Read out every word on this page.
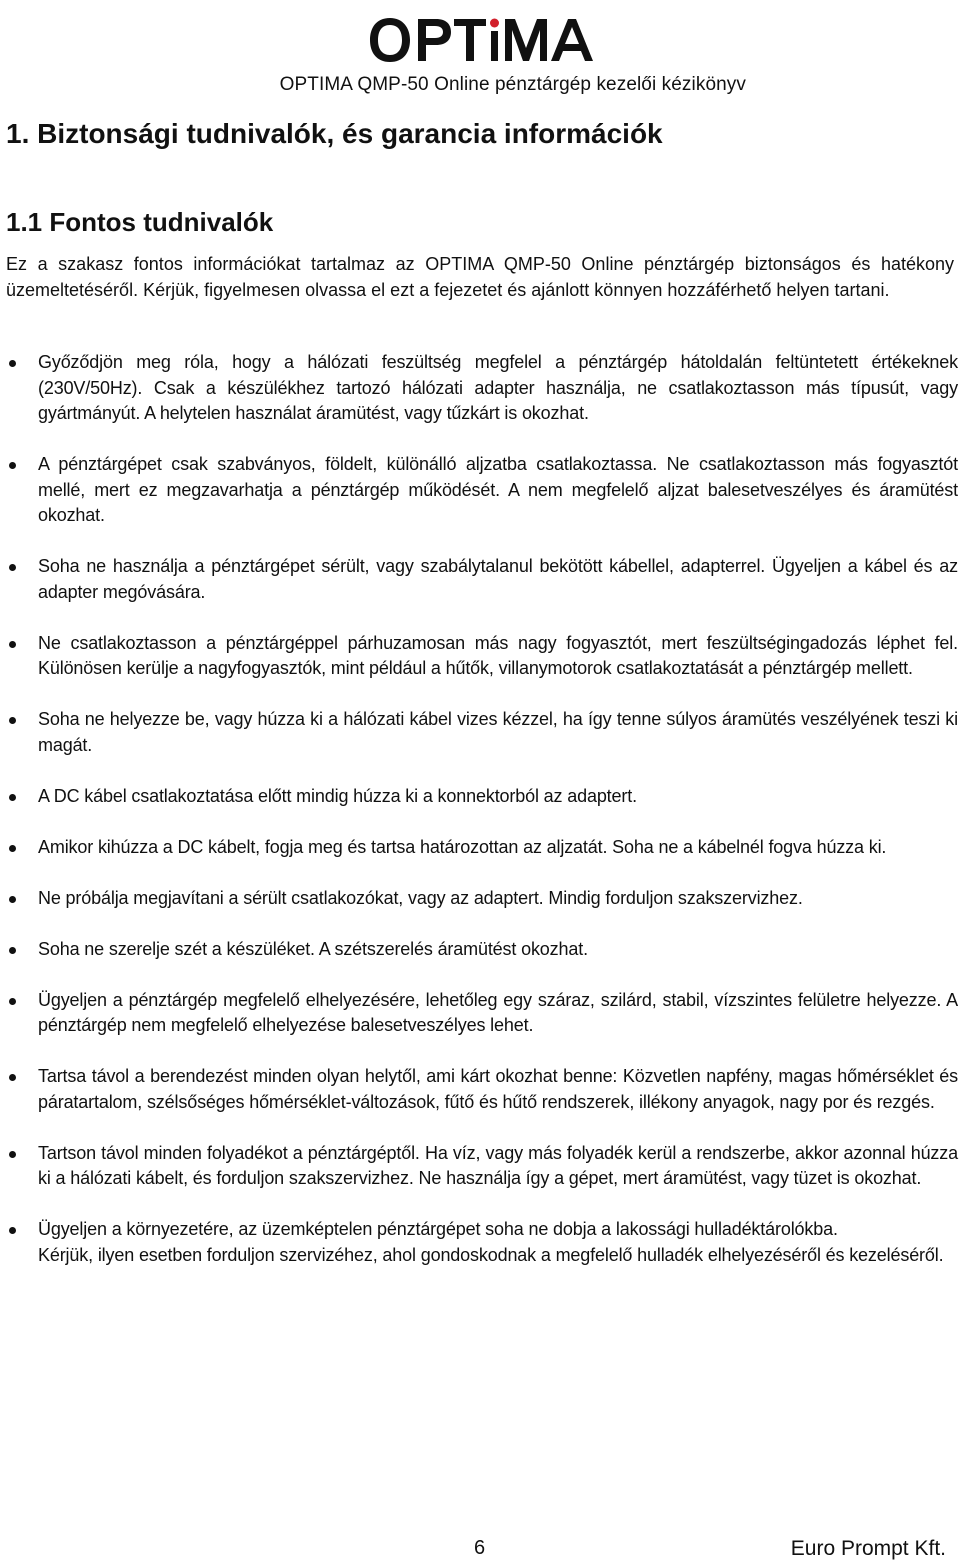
OPTIMA QMP-50 Online pénztárgép kezelői kézikönyv
1. Biztonsági tudnivalók, és garancia információk
1.1 Fontos tudnivalók
Ez a szakasz fontos információkat tartalmaz az OPTIMA QMP-50 Online pénztárgép biztonságos és hatékony üzemeltetéséről. Kérjük, figyelmesen olvassa el ezt a fejezetet és ajánlott könnyen hozzáférhető helyen tartani.
Győződjön meg róla, hogy a hálózati feszültség megfelel a pénztárgép hátoldalán feltüntetett értékeknek (230V/50Hz). Csak a készülékhez tartozó hálózati adapter használja, ne csatlakoztasson más típusút, vagy gyártmányút. A helytelen használat áramütést, vagy tűzkárt is okozhat.
A pénztárgépet csak szabványos, földelt, különálló aljzatba csatlakoztassa. Ne csatlakoztasson más fogyasztót mellé, mert ez megzavarhatja a pénztárgép működését. A nem megfelelő aljzat balesetveszélyes és áramütést okozhat.
Soha ne használja a pénztárgépet sérült, vagy szabálytalanul bekötött kábellel, adapterrel. Ügyeljen a kábel és az adapter megóvására.
Ne csatlakoztasson a pénztárgéppel párhuzamosan más nagy fogyasztót, mert feszültségingadozás léphet fel. Különösen kerülje a nagyfogyasztók, mint például a hűtők, villanymotorok csatlakoztatását a pénztárgép mellett.
Soha ne helyezze be, vagy húzza ki a hálózati kábel vizes kézzel, ha így tenne súlyos áramütés veszélyének teszi ki magát.
A DC kábel csatlakoztatása előtt mindig húzza ki a konnektorból az adaptert.
Amikor kihúzza a DC kábelt, fogja meg és tartsa határozottan az aljzatát. Soha ne a kábelnél fogva húzza ki.
Ne próbálja megjavítani a sérült csatlakozókat, vagy az adaptert. Mindig forduljon szakszervizhez.
Soha ne szerelje szét a készüléket. A szétszerelés áramütést okozhat.
Ügyeljen a pénztárgép megfelelő elhelyezésére, lehetőleg egy száraz, szilárd, stabil, vízszintes felületre helyezze. A pénztárgép nem megfelelő elhelyezése balesetveszélyes lehet.
Tartsa távol a berendezést minden olyan helytől, ami kárt okozhat benne: Közvetlen napfény, magas hőmérséklet és páratartalom, szélsőséges hőmérséklet-változások, fűtő és hűtő rendszerek, illékony anyagok, nagy por és rezgés.
Tartson távol minden folyadékot a pénztárgéptől. Ha víz, vagy más folyadék kerül a rendszerbe, akkor azonnal húzza ki a hálózati kábelt, és forduljon szakszervizhez. Ne használja így a gépet, mert áramütést, vagy tüzet is okozhat.
Ügyeljen a környezetére, az üzemképtelen pénztárgépet soha ne dobja a lakossági hulladéktárolókba.
Kérjük, ilyen esetben forduljon szervizéhez, ahol gondoskodnak a megfelelő hulladék elhelyezéséről és kezeléséről.
6	Euro Prompt Kft.
